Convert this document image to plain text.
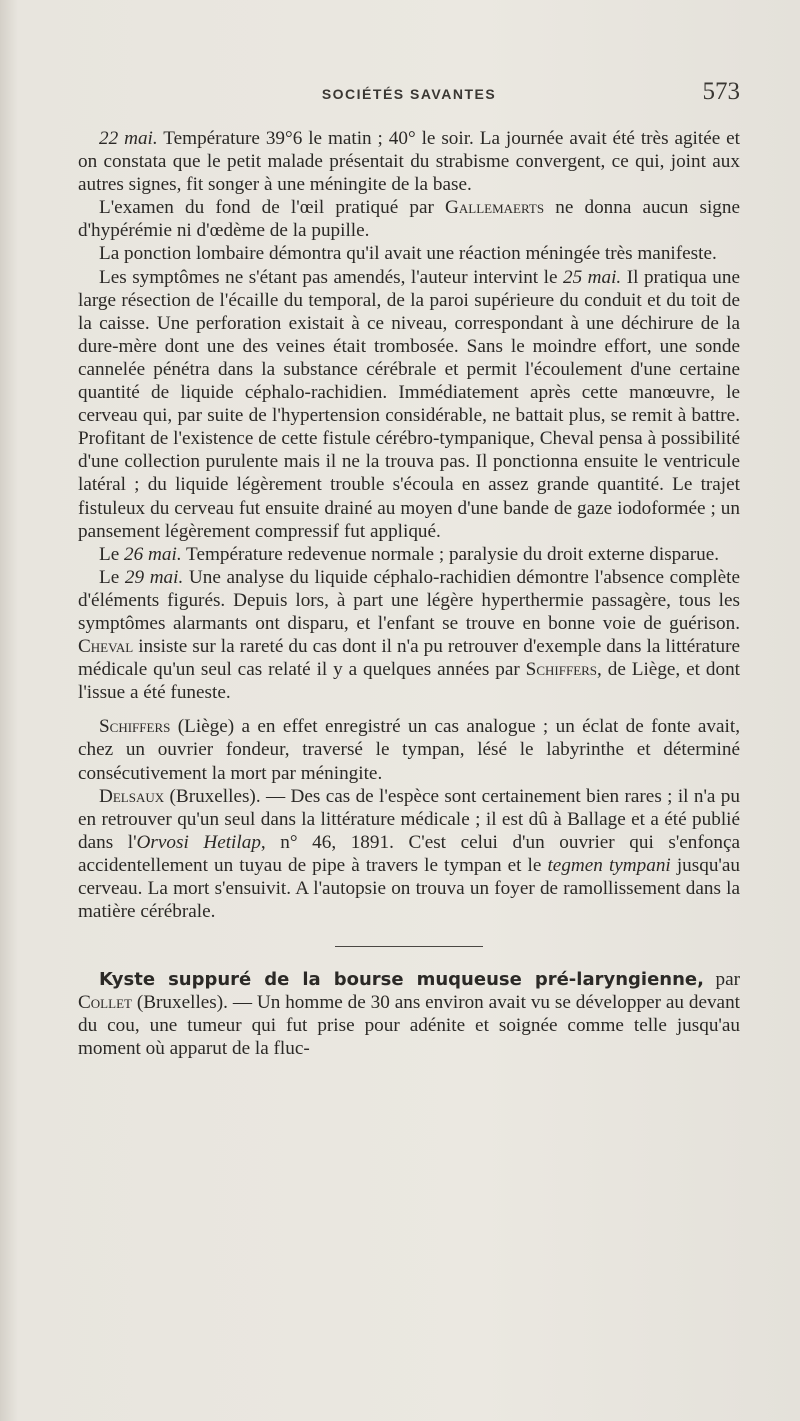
SOCIÉTÉS SAVANTES	573

22 mai. Température 39°6 le matin ; 40° le soir. La journée avait été très agitée et on constata que le petit malade présentait du strabisme convergent, ce qui, joint aux autres signes, fit songer à une méningite de la base.

L'examen du fond de l'œil pratiqué par Gallemaerts ne donna aucun signe d'hypérémie ni d'œdème de la pupille.

La ponction lombaire démontra qu'il avait une réaction méningée très manifeste.

Les symptômes ne s'étant pas amendés, l'auteur intervint le 25 mai. Il pratiqua une large résection de l'écaille du temporal, de la paroi supérieure du conduit et du toit de la caisse. Une perforation existait à ce niveau, correspondant à une déchirure de la dure-mère dont une des veines était trombosée. Sans le moindre effort, une sonde cannelée pénétra dans la substance cérébrale et permit l'écoulement d'une certaine quantité de liquide céphalo-rachidien. Immédiatement après cette manœuvre, le cerveau qui, par suite de l'hypertension considérable, ne battait plus, se remit à battre. Profitant de l'existence de cette fistule cérébro-tympanique, Cheval pensa à possibilité d'une collection purulente mais il ne la trouva pas. Il ponctionna ensuite le ventricule latéral ; du liquide légèrement trouble s'écoula en assez grande quantité. Le trajet fistuleux du cerveau fut ensuite drainé au moyen d'une bande de gaze iodoformée ; un pansement légèrement compressif fut appliqué.

Le 26 mai. Température redevenue normale ; paralysie du droit externe disparue.

Le 29 mai. Une analyse du liquide céphalo-rachidien démontre l'absence complète d'éléments figurés. Depuis lors, à part une légère hyperthermie passagère, tous les symptômes alarmants ont disparu, et l'enfant se trouve en bonne voie de guérison. Cheval insiste sur la rareté du cas dont il n'a pu retrouver d'exemple dans la littérature médicale qu'un seul cas relaté il y a quelques années par Schiffers, de Liège, et dont l'issue a été funeste.

Schiffers (Liège) a en effet enregistré un cas analogue ; un éclat de fonte avait, chez un ouvrier fondeur, traversé le tympan, lésé le labyrinthe et déterminé consécutivement la mort par méningite.

Delsaux (Bruxelles). — Des cas de l'espèce sont certainement bien rares ; il n'a pu en retrouver qu'un seul dans la littérature médicale ; il est dû à Ballage et a été publié dans l'Orvosi Hetilap, n° 46, 1891. C'est celui d'un ouvrier qui s'enfonça accidentellement un tuyau de pipe à travers le tympan et le tegmen tympani jusqu'au cerveau. La mort s'ensuivit. A l'autopsie on trouva un foyer de ramollissement dans la matière cérébrale.

Kyste suppuré de la bourse muqueuse pré-laryngienne, par Collet (Bruxelles). — Un homme de 30 ans environ avait vu se développer au devant du cou, une tumeur qui fut prise pour adénite et soignée comme telle jusqu'au moment où apparut de la fluc-
